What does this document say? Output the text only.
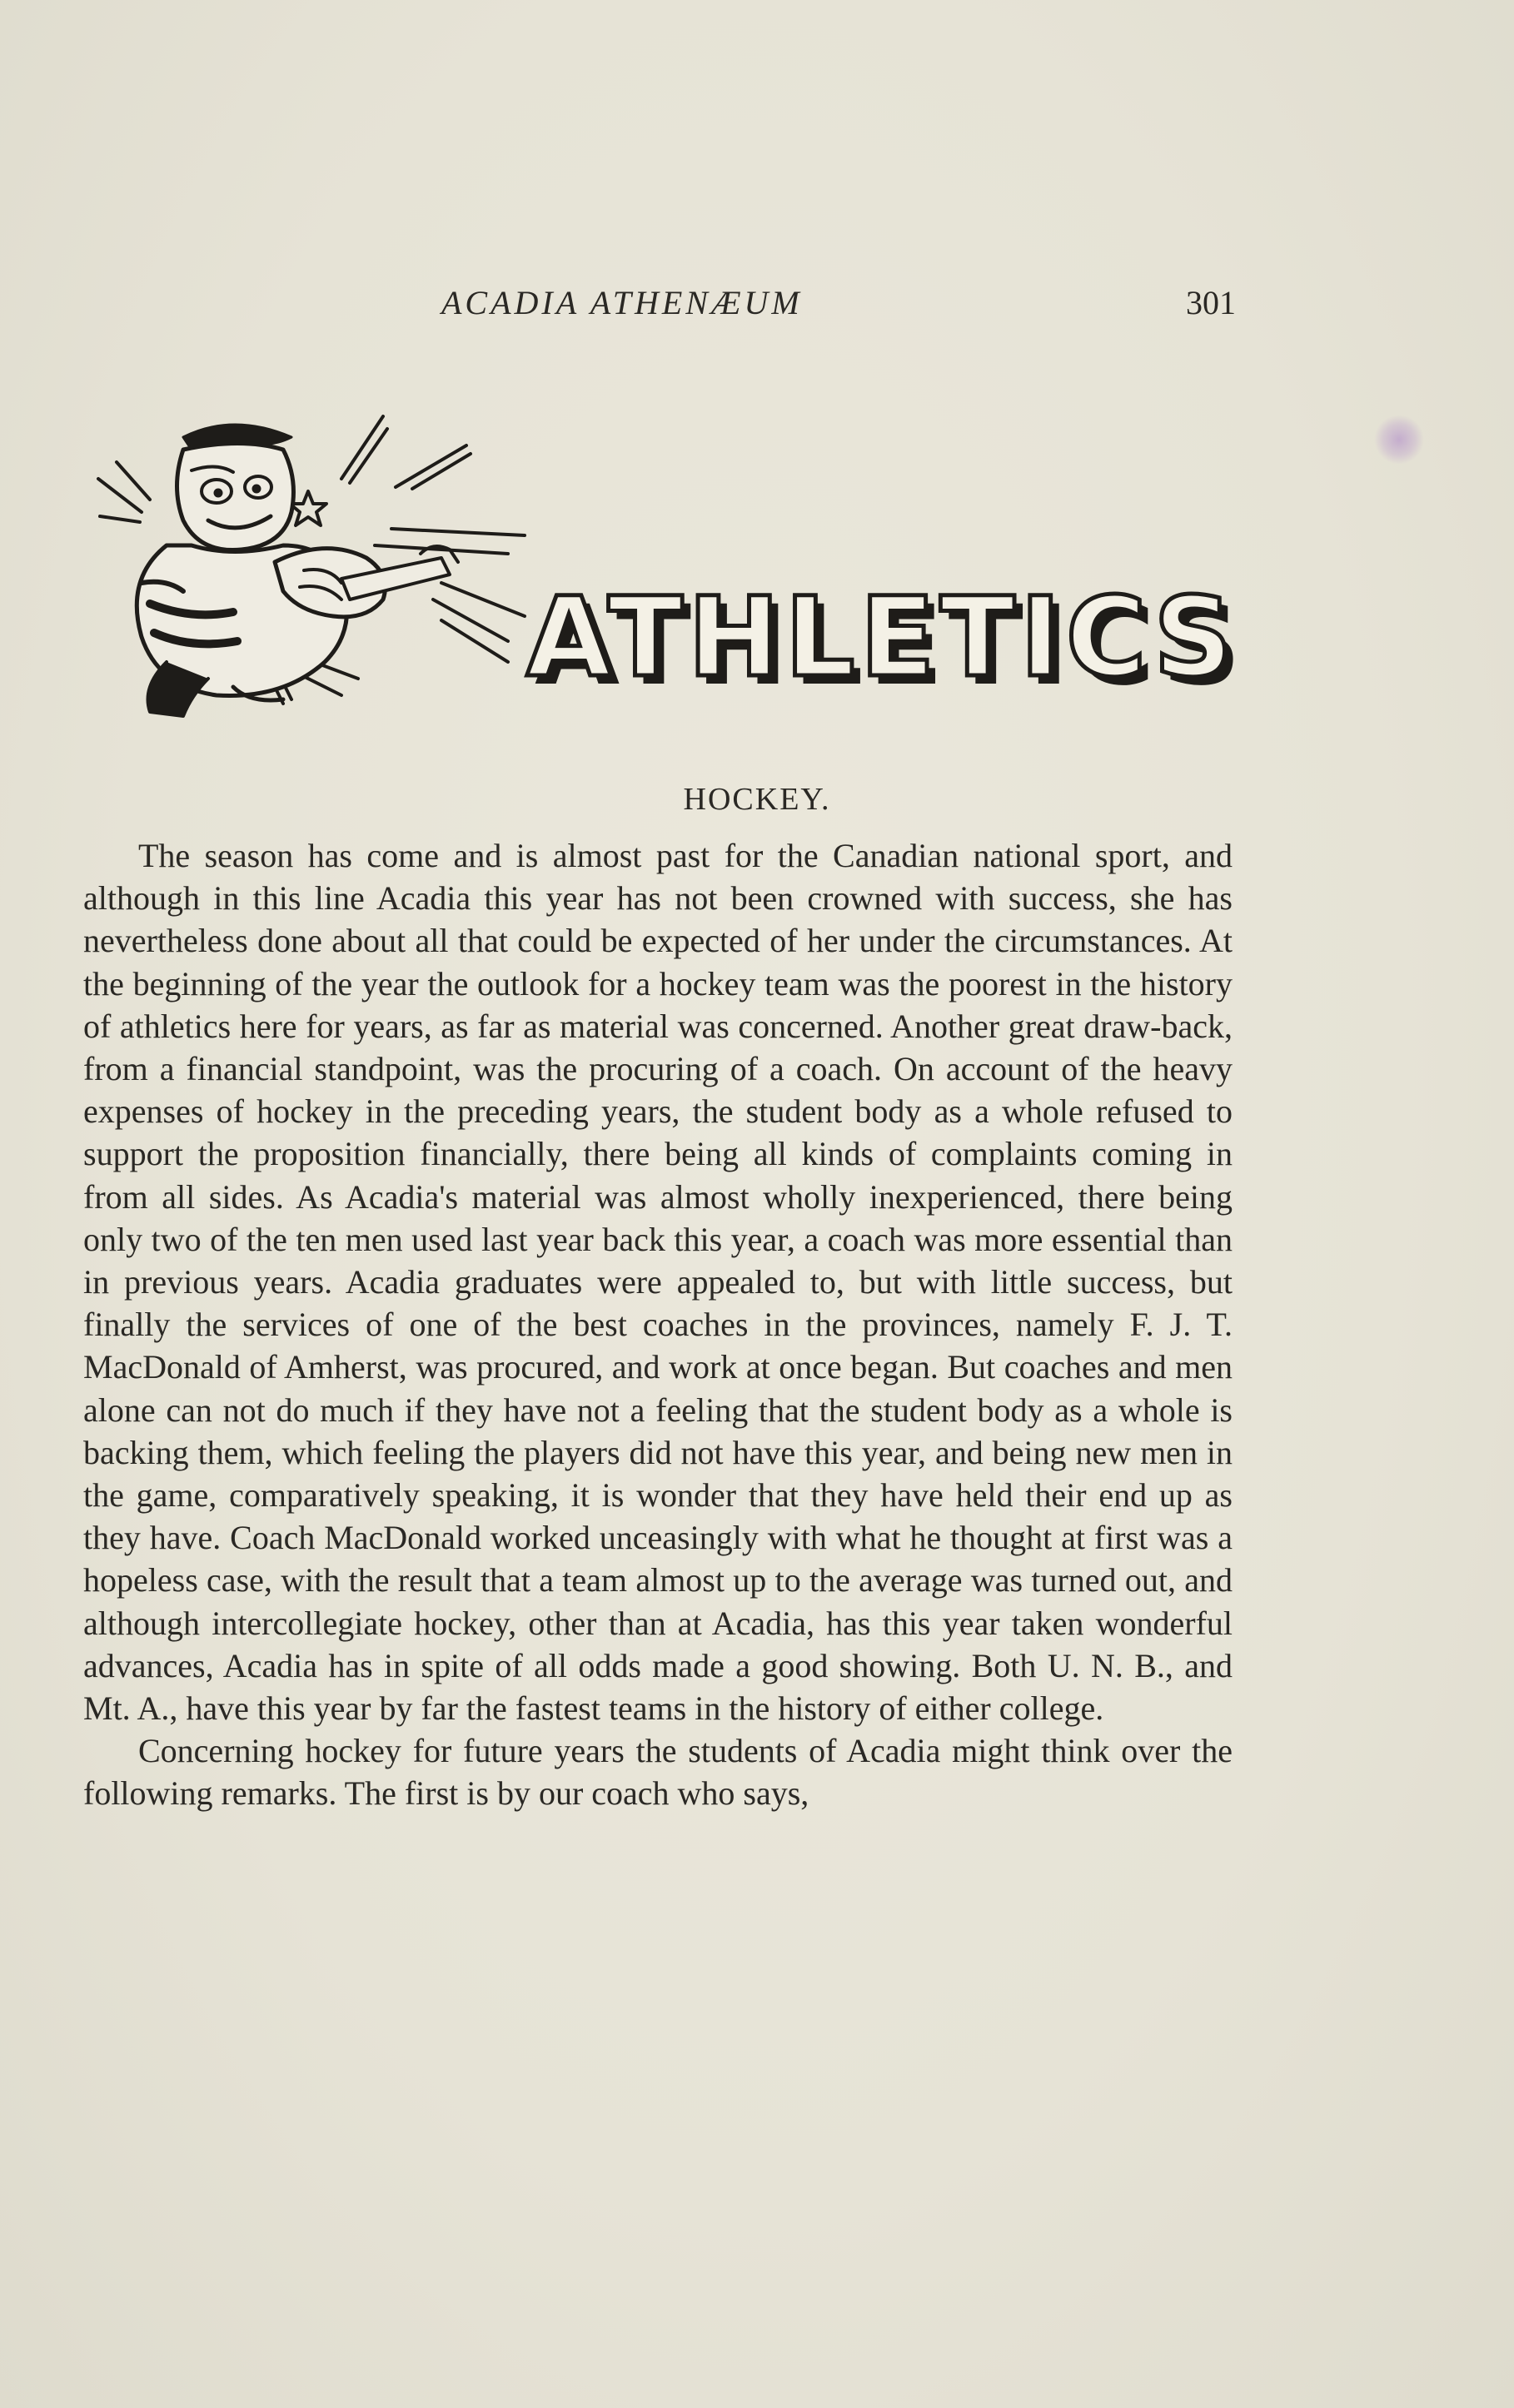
ACADIA ATHENÆUM	301
ATHLETICS
HOCKEY.

The season has come and is almost past for the Canadian national sport, and although in this line Acadia this year has not been crowned with success, she has nevertheless done about all that could be expected of her under the circumstances. At the beginning of the year the outlook for a hockey team was the poorest in the history of athletics here for years, as far as material was concerned. Another great draw-back, from a financial standpoint, was the procuring of a coach. On account of the heavy expenses of hockey in the preceding years, the student body as a whole refused to support the proposition financially, there being all kinds of complaints coming in from all sides. As Acadia's material was almost wholly inexperienced, there being only two of the ten men used last year back this year, a coach was more essential than in previous years. Acadia graduates were appealed to, but with little success, but finally the services of one of the best coaches in the provinces, namely F. J. T. MacDonald of Amherst, was procured, and work at once began. But coaches and men alone can not do much if they have not a feeling that the student body as a whole is backing them, which feeling the players did not have this year, and being new men in the game, comparatively speaking, it is wonder that they have held their end up as they have. Coach MacDonald worked unceasingly with what he thought at first was a hopeless case, with the result that a team almost up to the average was turned out, and although intercollegiate hockey, other than at Acadia, has this year taken wonderful advances, Acadia has in spite of all odds made a good showing. Both U. N. B., and Mt. A., have this year by far the fastest teams in the history of either college.

Concerning hockey for future years the students of Acadia might think over the following remarks. The first is by our coach who says,
